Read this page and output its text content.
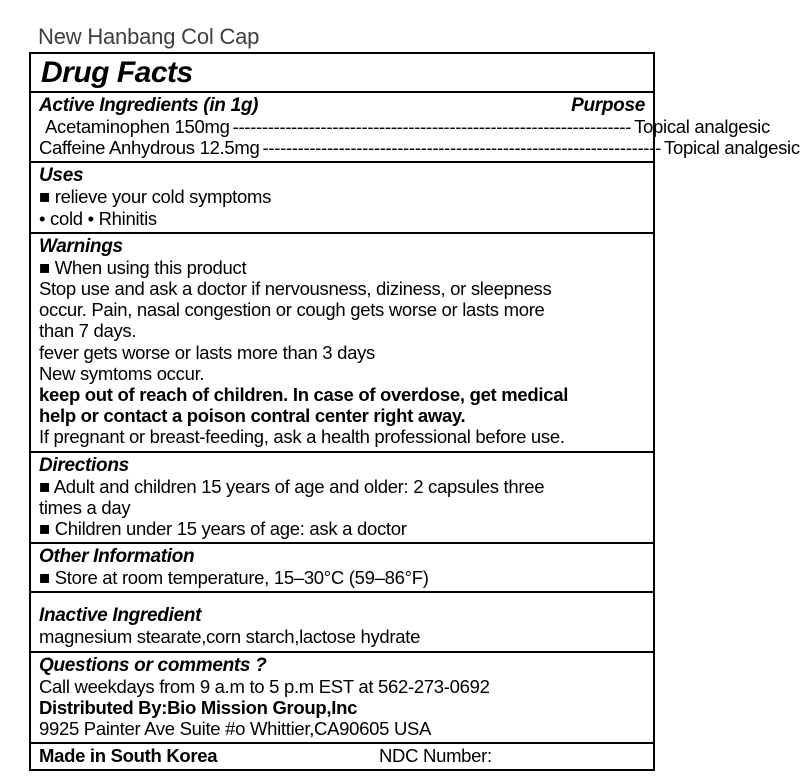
New Hanbang Col Cap
Drug Facts
Active Ingredients (in 1g)	Purpose
Acetaminophen 150mg -------------------------------------------------------------------- Topical analgesic
Caffeine Anhydrous 12.5mg -------------------------------------------------------------------- Topical analgesic
Uses
■ relieve your cold symptoms
• cold • Rhinitis
Warnings
■ When using this product
Stop use and ask a doctor if nervousness, diziness, or sleepness
occur. Pain, nasal congestion or cough gets worse or lasts more
than 7 days.
fever gets worse or lasts more than 3 days
New symtoms occur.
keep out of reach of children. In case of overdose, get medical
help or contact a poison contral center right away.
If pregnant or breast-feeding, ask a health professional before use.
Directions
■ Adult and children 15 years of age and older: 2 capsules three
times a day
■ Children under 15 years of age: ask a doctor
Other Information
■ Store at room temperature, 15–30°C (59–86°F)
Inactive Ingredient
magnesium stearate,corn starch,lactose hydrate
Questions or comments ?
Call weekdays from 9 a.m to 5 p.m EST at 562-273-0692
Distributed By:Bio Mission Group,Inc
9925 Painter Ave Suite #o Whittier,CA90605 USA
Made in South Korea	NDC Number:
